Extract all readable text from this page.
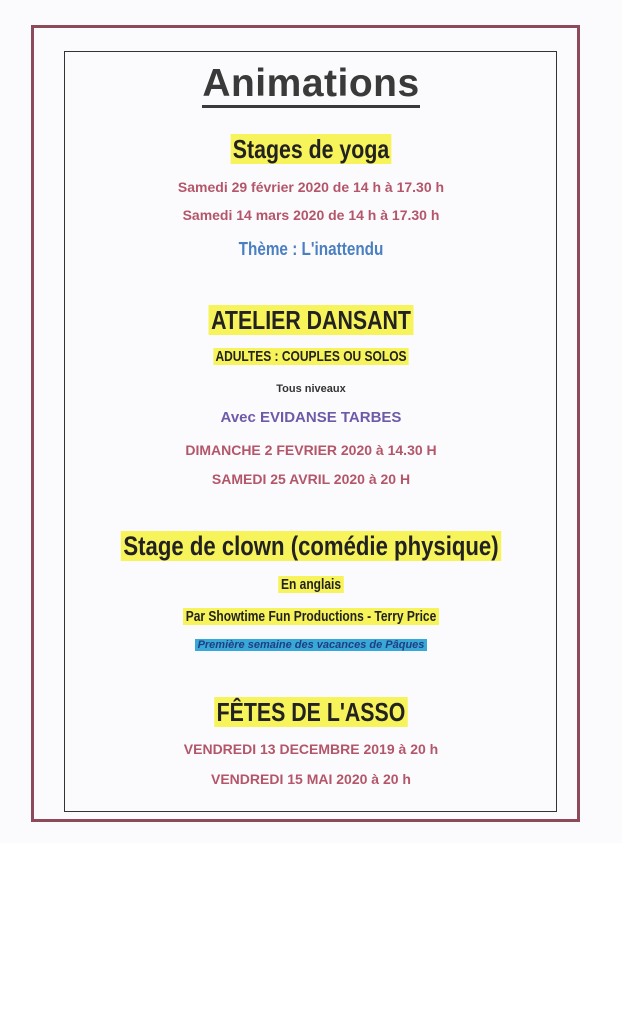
Animations
Stages de yoga
Samedi 29 février 2020 de 14 h à 17.30 h
Samedi 14 mars 2020 de 14 h à 17.30 h
Thème : L'inattendu
ATELIER DANSANT
ADULTES : COUPLES OU SOLOS
Tous niveaux
Avec EVIDANSE TARBES
DIMANCHE 2 FEVRIER 2020 à 14.30 H
SAMEDI 25 AVRIL 2020 à 20 H
Stage de clown (comédie physique)
En anglais
Par Showtime Fun Productions - Terry Price
Première semaine des vacances de Pâques
FÊTES DE L'ASSO
VENDREDI 13 DECEMBRE 2019 à 20 h
VENDREDI 15 MAI 2020 à 20 h
